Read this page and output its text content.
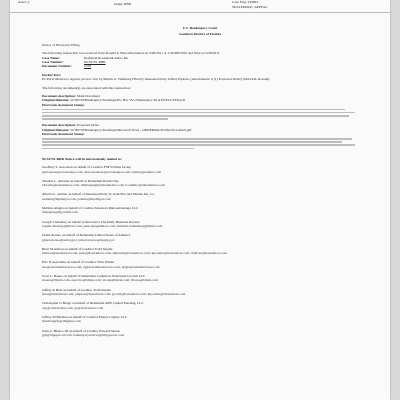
Asset: y	Judge: RBR	Case Flag: TPORL
SEALEDDOC, APPEAL
U.S. Bankruptcy Court
Southern District of Florida
Notice of Electronic Filing
The following transaction was received from Ronald G Neiwirth entered on 3/28/2011 at 1:36 PM EDT and filed on 3/28/2011
Case Name:	Rothstein Rosenfeldt Adler, PA
Case Number:	09-34791-RBR
Document Number:	1578
Docket Text:
Ex Parte Motion to Appear pro hac vice by Martin G. Weinberg Filed by Interested Party Jeffrey Epstein. (Attachments: # (1) Proposed Order) (Neiwirth, Ronald)
The following document(s) are associated with this transaction:
Document description: Main Document
Original filename: W:\80743\Bankruptcy Pleadings\Pro Hac Vice Bankruptcy PLA EXECUTED.pdf
Electronic document Stamp:
Document description: Proposed Order
Original filename: W:\80743\Bankruptcy Pleadings\Microsoft Word - ORDER094-ProHacVice-RGN.pdf
Electronic document Stamp:
09-34791-RBR Notice will be electronically mailed to:
Geoffrey S. Aaronson on behalf of Creditor FSP Victims Group
gaaronson@aaronsonpa.com, sdaronsonlaw@aaronsonpa.com; ebailey@aaplaw.com
Thomas L. Abrams on behalf of Defendant Robin Vise
tabrams@tabramslaw.com, lmillspaugh@tabramslaw.com; fcolumbo@tabramslaw.com
Alberta L. Adams on behalf of Interested Party St. Paul Fire and Marine Ins. Co.
aadams@mpdlegal.com, jadams@mpdlegal.com
Melissa Alagna on behalf of Creditor Investors Risk Advantage LLC
mma@segallgordich.com
Joseph J Altomey on behalf of Intervenor The Daily Business Review
joseph.altomey@hklaw.com, jane.aana@hklaw.com; michael.rothenberg@hklaw.com
Orlati Alonso on behalf of Defendant United States of America
grisel.alonso@usdoj.gov, julie.barruoso@usdoj.gov
Brett M Amron on behalf of Creditor Todd Snyder
bamron@bastamron.com, jeder@bastamron.com, jmiranda@bastamron.com; kjoondez@bastamron.com; rbalfour@bastamron.com
Eric N Assouline on behalf of Creditor Nick Wilder
ena@assoulineberlowe.com, ej@assoulineberlowe.com, ah@assoulineberlowe.com
Scott L. Baena on behalf of Defendant Centurion Structured Growth LLC
sbaena@bilzin.com, eservice@bilzin.com; aboda@bilzin.com; lflores@bilzin.com
Jeffrey P. Bast on behalf of Creditor Todd Snyder
jbast@bastamron.com, jdupree@bastamron.com; jjcordi@bastamron.com; kjoondez@bastamron.com
Christopher G Berga on behalf of Defendant ABS Capital Funding, LLC
cgb@cbdorlelaw.com, gb@cbdorlelaw.com
Jeffrey M Berman on behalf of Creditor Emess Capital, LLC
jberman@logerhughes.com
John G. Bianco III on behalf of Creditor Edward Morse
jgb@tripppscott.com, bankruptcynotices@tripppscott.com
